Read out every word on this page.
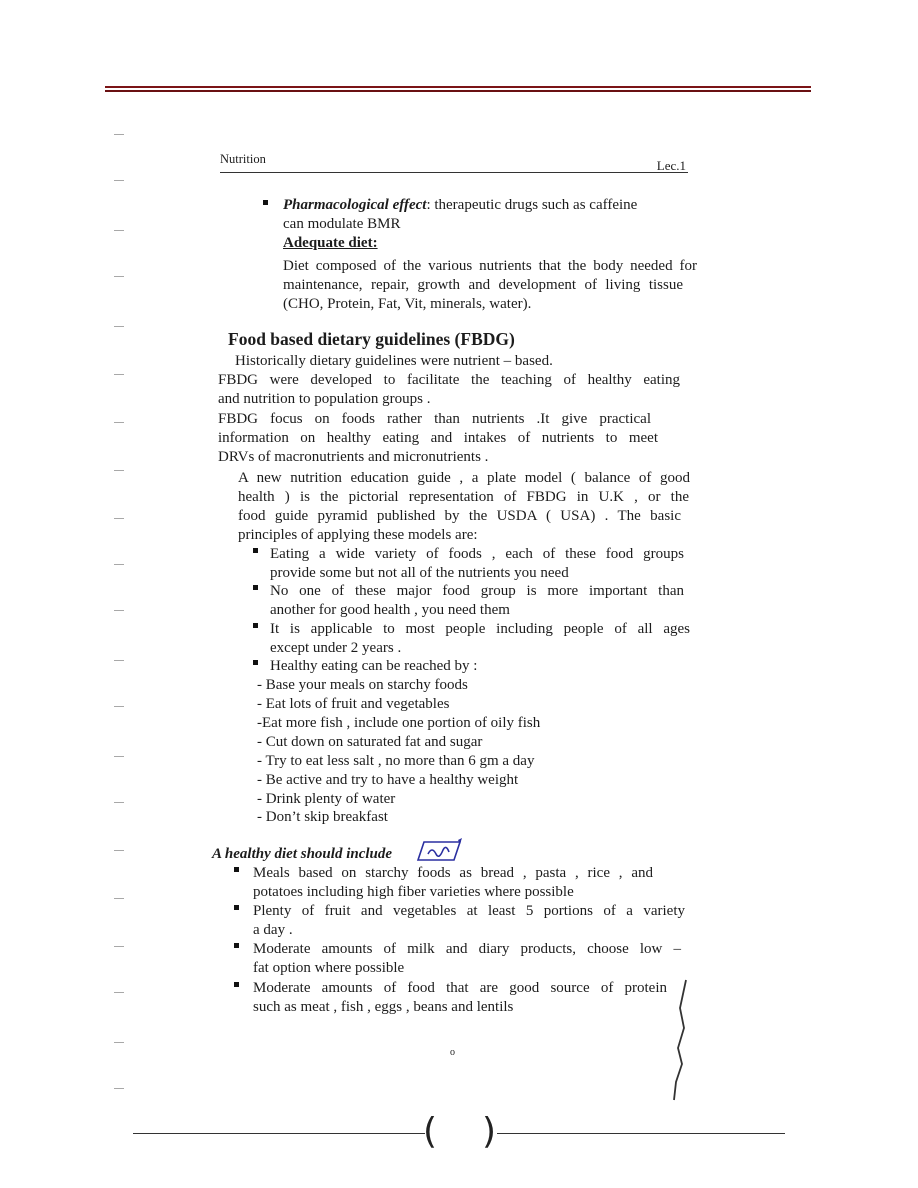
Nutrition	Lec.1
Pharmacological effect: therapeutic drugs such as caffeine
can modulate BMR
Adequate diet:
Diet composed of the various nutrients that the body needed for
maintenance, repair, growth and development of living tissue
(CHO, Protein, Fat, Vit, minerals, water).
Food based dietary guidelines (FBDG)
Historically dietary guidelines were nutrient – based.
FBDG were developed to facilitate the teaching of healthy eating
and nutrition to population groups .
FBDG focus on foods rather than nutrients .It give practical
information on healthy eating and intakes of nutrients to meet
DRVs of macronutrients and micronutrients .
A new nutrition education guide , a plate model ( balance of good
health ) is the pictorial representation of FBDG in U.K , or the
food guide pyramid published by the USDA ( USA) . The basic
principles of applying these models are:
Eating a wide variety of foods , each of these food groups
provide some but not all of the nutrients you need
No one of these major food group is more important than
another for good health , you need them
It is applicable to most people including people of all ages
except under 2 years .
Healthy eating can be reached by :
- Base your meals on starchy foods
- Eat lots of fruit and vegetables
-Eat more fish , include one portion of oily fish
- Cut down on saturated fat and sugar
- Try to eat less salt , no more than 6 gm a day
- Be active and try to have a healthy weight
- Drink plenty of water
- Don’t skip breakfast
A healthy diet should include
Meals based on starchy foods as bread , pasta , rice , and
potatoes including high fiber varieties where possible
Plenty of fruit and vegetables at least 5 portions of a variety
a day .
Moderate amounts of milk and diary products, choose low –
fat option where possible
Moderate amounts of food that are good source of protein
such as meat , fish , eggs , beans and lentils
o
( )
